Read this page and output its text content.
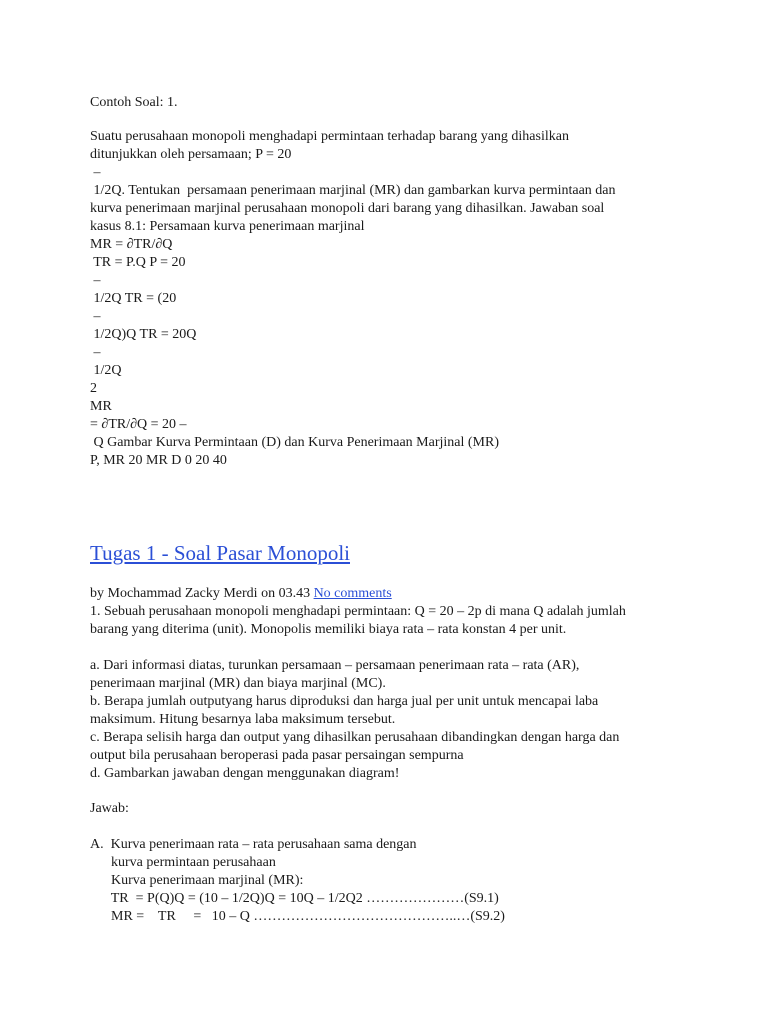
Contoh Soal: 1.
Suatu perusahaan monopoli menghadapi permintaan terhadap barang yang dihasilkan
ditunjukkan oleh persamaan; P = 20
–
1/2Q. Tentukan  persamaan penerimaan marjinal (MR) dan gambarkan kurva permintaan dan
kurva penerimaan marjinal perusahaan monopoli dari barang yang dihasilkan. Jawaban soal
kasus 8.1: Persamaan kurva penerimaan marjinal
MR = ∂TR/∂Q
TR = P.Q P = 20
–
1/2Q TR = (20
–
1/2Q)Q TR = 20Q
–
1/2Q
2
MR
= ∂TR/∂Q = 20 –
Q Gambar Kurva Permintaan (D) dan Kurva Penerimaan Marjinal (MR)
P, MR 20 MR D 0 20 40
Tugas 1 - Soal Pasar Monopoli
by Mochammad Zacky Merdi on 03.43 No comments
1. Sebuah perusahaan monopoli menghadapi permintaan: Q = 20 – 2p di mana Q adalah jumlah
barang yang diterima (unit). Monopolis memiliki biaya rata – rata konstan 4 per unit.
a. Dari informasi diatas, turunkan persamaan – persamaan penerimaan rata – rata (AR),
penerimaan marjinal (MR) dan biaya marjinal (MC).
b. Berapa jumlah outputyang harus diproduksi dan harga jual per unit untuk mencapai laba
maksimum. Hitung besarnya laba maksimum tersebut.
c. Berapa selisih harga dan output yang dihasilkan perusahaan dibandingkan dengan harga dan
output bila perusahaan beroperasi pada pasar persaingan sempurna
d. Gambarkan jawaban dengan menggunakan diagram!
Jawab:
A.  Kurva penerimaan rata – rata perusahaan sama dengan
kurva permintaan perusahaan
Kurva penerimaan marjinal (MR):
TR  = P(Q)Q = (10 – 1/2Q)Q = 10Q – 1/2Q2 …………………(S9.1)
MR =    TR     =   10 – Q ……………………………………..…(S9.2)
